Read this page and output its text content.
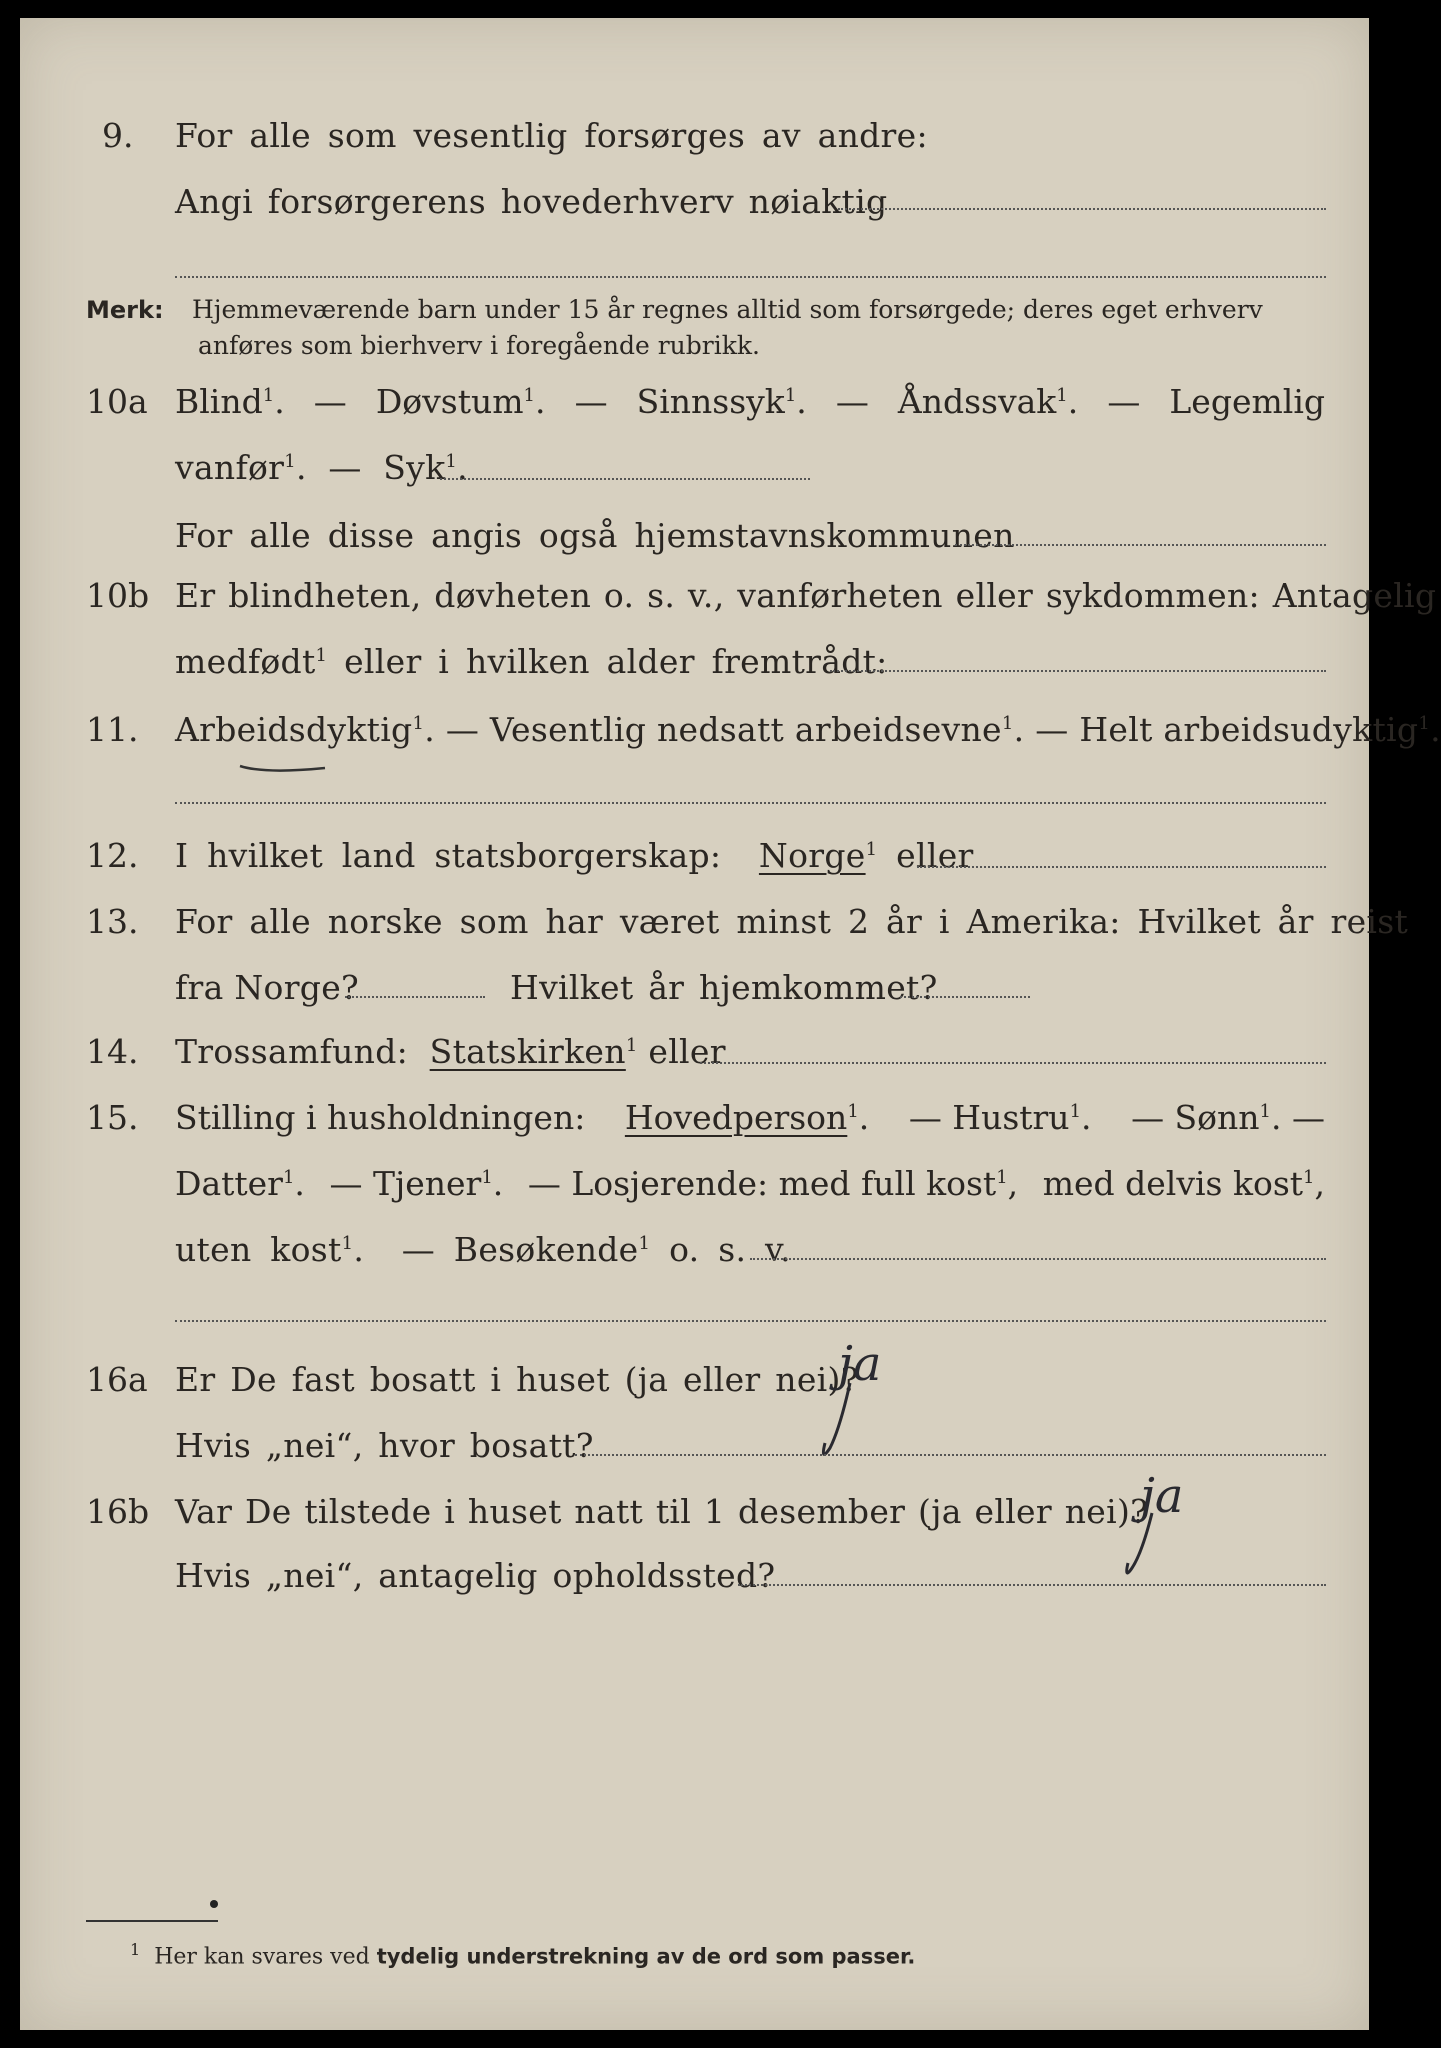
9. For alle som vesentlig forsørges av andre:
Angi forsørgerens hovederhverv nøiaktig
Merk: Hjemmeværende barn under 15 år regnes alltid som forsørgede; deres eget erhverv
anføres som bierhverv i foregående rubrikk.
10a Blind$^1$. — Døvstum$^1$. — Sinnssyk$^1$. — Åndssvak$^1$. — Legemlig
vanfør$^1$.  —  Syk$^1$.
For alle disse angis også hjemstavnskommunen
10b Er blindheten, døvheten o. s. v., vanførheten eller sykdommen: Antagelig
medfødt$^1$ eller i hvilken alder fremtrådt:
11. Arbeidsdyktig$^1$. — Vesentlig nedsatt arbeidsevne$^1$. — Helt arbeidsudyktig$^1$.
12. I hvilket land statsborgerskap: Norge$^1$ eller
13. For alle norske som har været minst 2 år i Amerika: Hvilket år reist
fra Norge?	Hvilket år hjemkommet?
14. Trossamfund: Statskirken$^1$ eller
15. Stilling i husholdningen: Hovedperson$^1$. — Hustru$^1$. — Sønn$^1$. —
Datter$^1$. — Tjener$^1$. — Losjerende: med full kost$^1$, med delvis kost$^1$,
uten kost$^1$.  — Besøkende$^1$ o. s. v.
16a Er De fast bosatt i huset (ja eller nei)?
ja
Hvis „nei“, hvor bosatt?
16b Var De tilstede i huset natt til 1 desember (ja eller nei)?
ja
Hvis „nei“, antagelig opholdssted?
$^1$ Her kan svares ved tydelig understrekning av de ord som passer.
